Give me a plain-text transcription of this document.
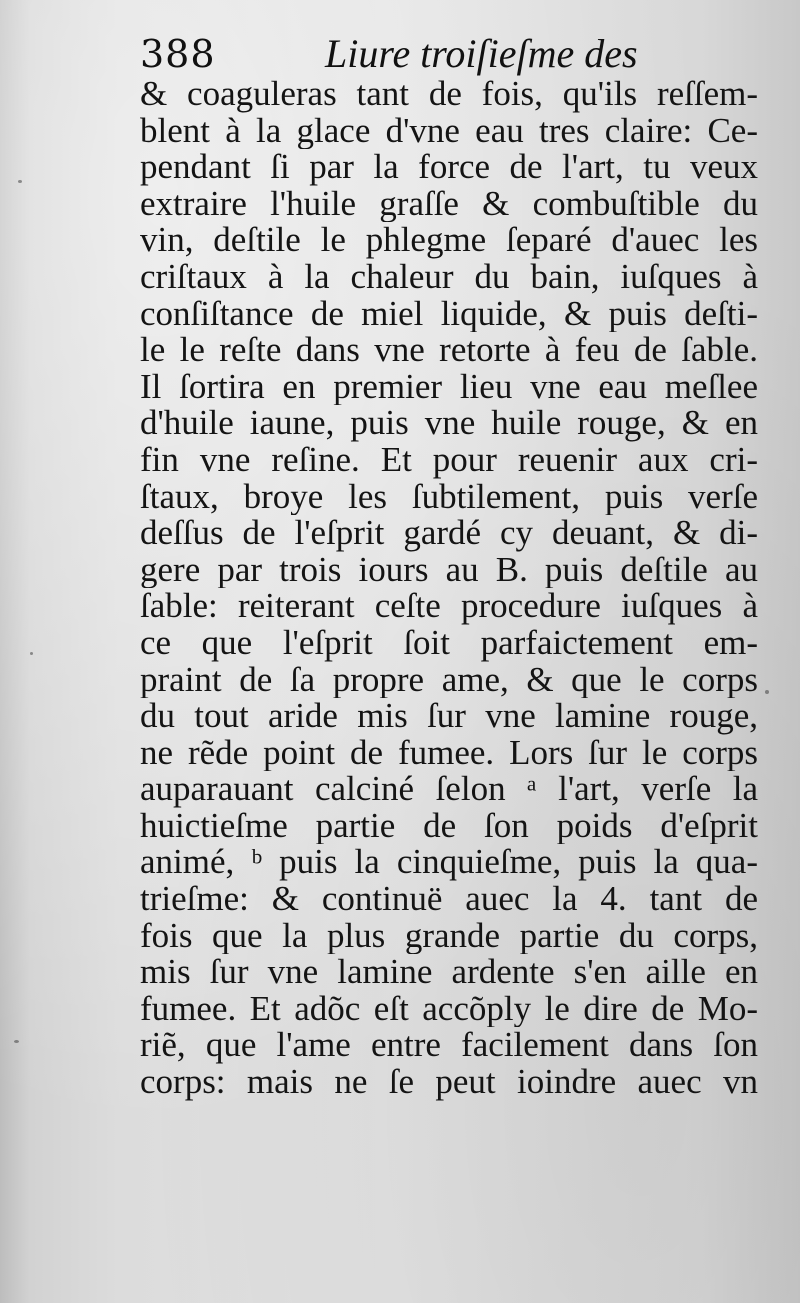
388	Liure troiſieſme des
& coaguleras tant de fois, qu'ils reſſem-
blent à la glace d'vne eau tres claire: Ce-
pendant ſi par la force de l'art, tu veux
extraire l'huile graſſe & combuſtible du
vin, deſtile le phlegme ſeparé d'auec les
criſtaux à la chaleur du bain, iuſques à
conſiſtance de miel liquide, & puis deſti-
le le reſte dans vne retorte à feu de ſable.
Il ſortira en premier lieu vne eau meſlee
d'huile iaune, puis vne huile rouge, & en
fin vne reſine. Et pour reuenir aux cri-
ſtaux, broye les ſubtilement, puis verſe
deſſus de l'eſprit gardé cy deuant, & di-
gere par trois iours au B. puis deſtile au
ſable: reiterant ceſte procedure iuſques à
ce que l'eſprit ſoit parfaictement em-
praint de ſa propre ame, & que le corps
du tout aride mis ſur vne lamine rouge,
ne rẽde point de fumee. Lors ſur le corps
auparauant calciné ſelon ᵃ l'art, verſe la
huictieſme partie de ſon poids d'eſprit
animé, ᵇ puis la cinquieſme, puis la qua-
trieſme: & continuë auec la 4. tant de
fois que la plus grande partie du corps,
mis ſur vne lamine ardente s'en aille en
fumee. Et adõc eſt accõply le dire de Mo-
riẽ, que l'ame entre facilement dans ſon
corps: mais ne ſe peut ioindre auec vn
